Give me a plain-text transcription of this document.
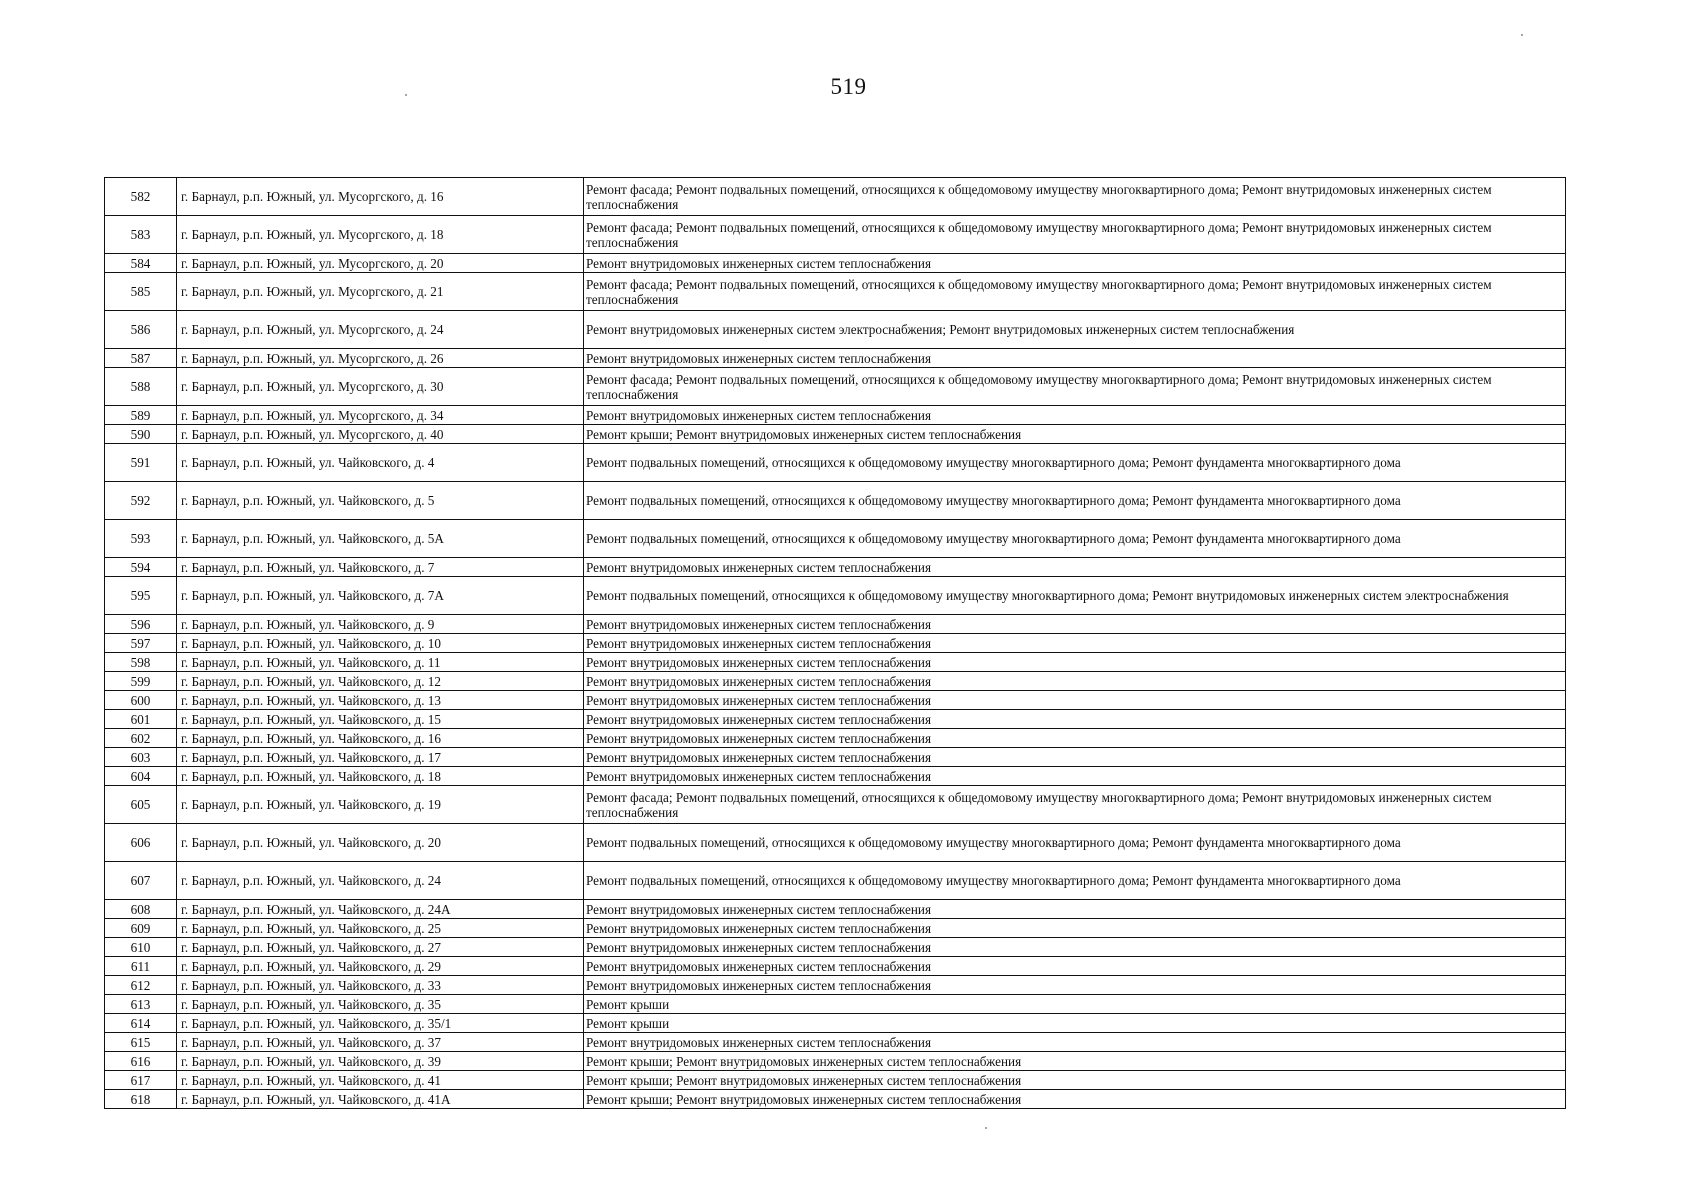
519
582	г. Барнаул, р.п. Южный, ул. Мусоргского, д. 16	Ремонт фасада; Ремонт подвальных помещений, относящихся к общедомовому имуществу многоквартирного дома; Ремонт внутридомовых инженерных систем теплоснабжения
583	г. Барнаул, р.п. Южный, ул. Мусоргского, д. 18	Ремонт фасада; Ремонт подвальных помещений, относящихся к общедомовому имуществу многоквартирного дома; Ремонт внутридомовых инженерных систем теплоснабжения
584	г. Барнаул, р.п. Южный, ул. Мусоргского, д. 20	Ремонт внутридомовых инженерных систем теплоснабжения
585	г. Барнаул, р.п. Южный, ул. Мусоргского, д. 21	Ремонт фасада; Ремонт подвальных помещений, относящихся к общедомовому имуществу многоквартирного дома; Ремонт внутридомовых инженерных систем теплоснабжения
586	г. Барнаул, р.п. Южный, ул. Мусоргского, д. 24	Ремонт внутридомовых инженерных систем электроснабжения; Ремонт внутридомовых инженерных систем теплоснабжения
587	г. Барнаул, р.п. Южный, ул. Мусоргского, д. 26	Ремонт внутридомовых инженерных систем теплоснабжения
588	г. Барнаул, р.п. Южный, ул. Мусоргского, д. 30	Ремонт фасада; Ремонт подвальных помещений, относящихся к общедомовому имуществу многоквартирного дома; Ремонт внутридомовых инженерных систем теплоснабжения
589	г. Барнаул, р.п. Южный, ул. Мусоргского, д. 34	Ремонт внутридомовых инженерных систем теплоснабжения
590	г. Барнаул, р.п. Южный, ул. Мусоргского, д. 40	Ремонт крыши; Ремонт внутридомовых инженерных систем теплоснабжения
591	г. Барнаул, р.п. Южный, ул. Чайковского, д. 4	Ремонт подвальных помещений, относящихся к общедомовому имуществу многоквартирного дома; Ремонт фундамента многоквартирного дома
592	г. Барнаул, р.п. Южный, ул. Чайковского, д. 5	Ремонт подвальных помещений, относящихся к общедомовому имуществу многоквартирного дома; Ремонт фундамента многоквартирного дома
593	г. Барнаул, р.п. Южный, ул. Чайковского, д. 5А	Ремонт подвальных помещений, относящихся к общедомовому имуществу многоквартирного дома; Ремонт фундамента многоквартирного дома
594	г. Барнаул, р.п. Южный, ул. Чайковского, д. 7	Ремонт внутридомовых инженерных систем теплоснабжения
595	г. Барнаул, р.п. Южный, ул. Чайковского, д. 7А	Ремонт подвальных помещений, относящихся к общедомовому имуществу многоквартирного дома; Ремонт внутридомовых инженерных систем электроснабжения
596	г. Барнаул, р.п. Южный, ул. Чайковского, д. 9	Ремонт внутридомовых инженерных систем теплоснабжения
597	г. Барнаул, р.п. Южный, ул. Чайковского, д. 10	Ремонт внутридомовых инженерных систем теплоснабжения
598	г. Барнаул, р.п. Южный, ул. Чайковского, д. 11	Ремонт внутридомовых инженерных систем теплоснабжения
599	г. Барнаул, р.п. Южный, ул. Чайковского, д. 12	Ремонт внутридомовых инженерных систем теплоснабжения
600	г. Барнаул, р.п. Южный, ул. Чайковского, д. 13	Ремонт внутридомовых инженерных систем теплоснабжения
601	г. Барнаул, р.п. Южный, ул. Чайковского, д. 15	Ремонт внутридомовых инженерных систем теплоснабжения
602	г. Барнаул, р.п. Южный, ул. Чайковского, д. 16	Ремонт внутридомовых инженерных систем теплоснабжения
603	г. Барнаул, р.п. Южный, ул. Чайковского, д. 17	Ремонт внутридомовых инженерных систем теплоснабжения
604	г. Барнаул, р.п. Южный, ул. Чайковского, д. 18	Ремонт внутридомовых инженерных систем теплоснабжения
605	г. Барнаул, р.п. Южный, ул. Чайковского, д. 19	Ремонт фасада; Ремонт подвальных помещений, относящихся к общедомовому имуществу многоквартирного дома; Ремонт внутридомовых инженерных систем теплоснабжения
606	г. Барнаул, р.п. Южный, ул. Чайковского, д. 20	Ремонт подвальных помещений, относящихся к общедомовому имуществу многоквартирного дома; Ремонт фундамента многоквартирного дома
607	г. Барнаул, р.п. Южный, ул. Чайковского, д. 24	Ремонт подвальных помещений, относящихся к общедомовому имуществу многоквартирного дома; Ремонт фундамента многоквартирного дома
608	г. Барнаул, р.п. Южный, ул. Чайковского, д. 24А	Ремонт внутридомовых инженерных систем теплоснабжения
609	г. Барнаул, р.п. Южный, ул. Чайковского, д. 25	Ремонт внутридомовых инженерных систем теплоснабжения
610	г. Барнаул, р.п. Южный, ул. Чайковского, д. 27	Ремонт внутридомовых инженерных систем теплоснабжения
611	г. Барнаул, р.п. Южный, ул. Чайковского, д. 29	Ремонт внутридомовых инженерных систем теплоснабжения
612	г. Барнаул, р.п. Южный, ул. Чайковского, д. 33	Ремонт внутридомовых инженерных систем теплоснабжения
613	г. Барнаул, р.п. Южный, ул. Чайковского, д. 35	Ремонт крыши
614	г. Барнаул, р.п. Южный, ул. Чайковского, д. 35/1	Ремонт крыши
615	г. Барнаул, р.п. Южный, ул. Чайковского, д. 37	Ремонт внутридомовых инженерных систем теплоснабжения
616	г. Барнаул, р.п. Южный, ул. Чайковского, д. 39	Ремонт крыши; Ремонт внутридомовых инженерных систем теплоснабжения
617	г. Барнаул, р.п. Южный, ул. Чайковского, д. 41	Ремонт крыши; Ремонт внутридомовых инженерных систем теплоснабжения
618	г. Барнаул, р.п. Южный, ул. Чайковского, д. 41А	Ремонт крыши; Ремонт внутридомовых инженерных систем теплоснабжения
